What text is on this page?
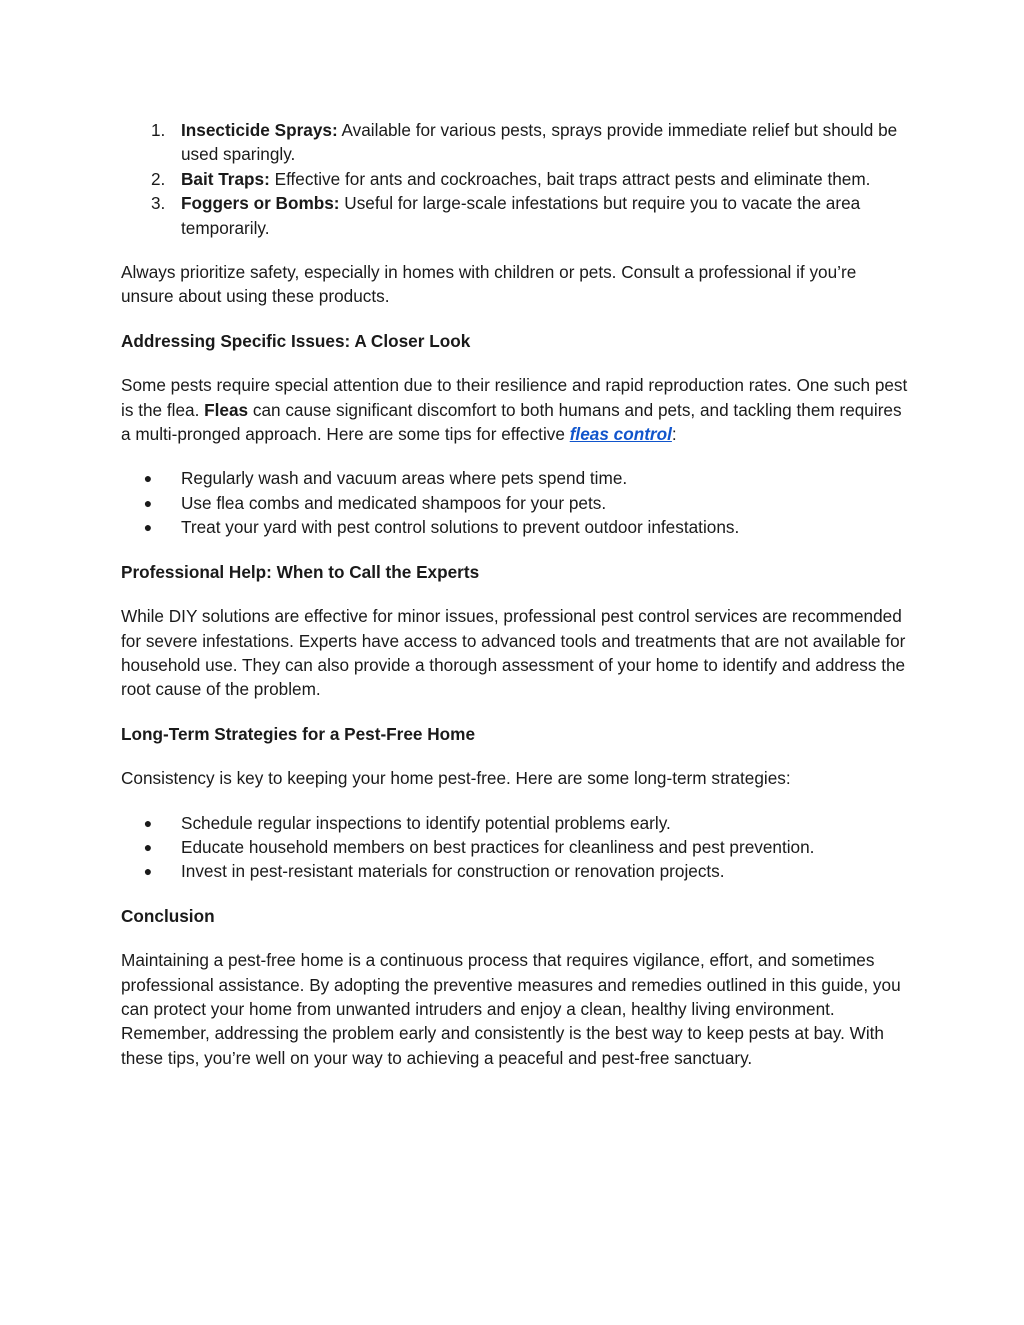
1. Insecticide Sprays: Available for various pests, sprays provide immediate relief but should be used sparingly.
2. Bait Traps: Effective for ants and cockroaches, bait traps attract pests and eliminate them.
3. Foggers or Bombs: Useful for large-scale infestations but require you to vacate the area temporarily.

Always prioritize safety, especially in homes with children or pets. Consult a professional if you’re unsure about using these products.

Addressing Specific Issues: A Closer Look

Some pests require special attention due to their resilience and rapid reproduction rates. One such pest is the flea. Fleas can cause significant discomfort to both humans and pets, and tackling them requires a multi-pronged approach. Here are some tips for effective fleas control:

●	Regularly wash and vacuum areas where pets spend time.
●	Use flea combs and medicated shampoos for your pets.
●	Treat your yard with pest control solutions to prevent outdoor infestations.

Professional Help: When to Call the Experts

While DIY solutions are effective for minor issues, professional pest control services are recommended for severe infestations. Experts have access to advanced tools and treatments that are not available for household use. They can also provide a thorough assessment of your home to identify and address the root cause of the problem.

Long-Term Strategies for a Pest-Free Home

Consistency is key to keeping your home pest-free. Here are some long-term strategies:

●	Schedule regular inspections to identify potential problems early.
●	Educate household members on best practices for cleanliness and pest prevention.
●	Invest in pest-resistant materials for construction or renovation projects.

Conclusion

Maintaining a pest-free home is a continuous process that requires vigilance, effort, and sometimes professional assistance. By adopting the preventive measures and remedies outlined in this guide, you can protect your home from unwanted intruders and enjoy a clean, healthy living environment. Remember, addressing the problem early and consistently is the best way to keep pests at bay. With these tips, you’re well on your way to achieving a peaceful and pest-free sanctuary.
